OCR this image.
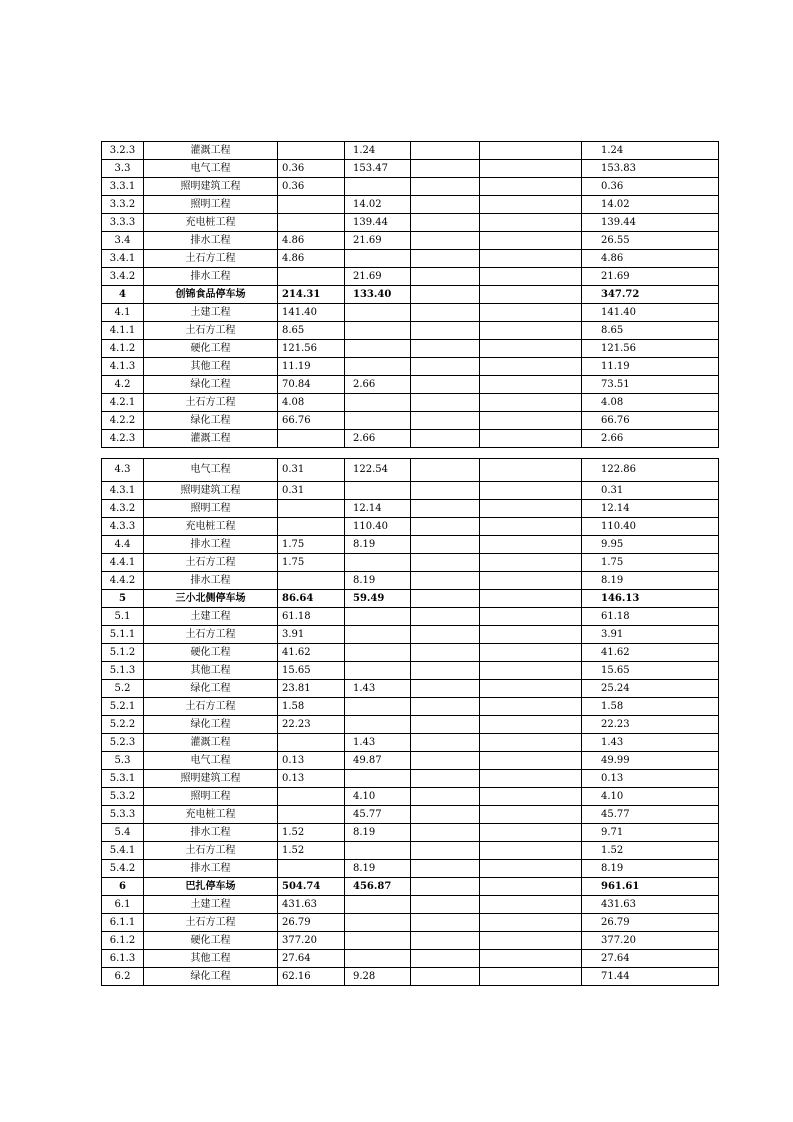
3.2.3	灌溉工程		1.24			1.24
3.3	电气工程	0.36	153.47			153.83
3.3.1	照明建筑工程	0.36				0.36
3.3.2	照明工程		14.02			14.02
3.3.3	充电桩工程		139.44			139.44
3.4	排水工程	4.86	21.69			26.55
3.4.1	土石方工程	4.86				4.86
3.4.2	排水工程		21.69			21.69
4	创锦食品停车场	214.31	133.40			347.72
4.1	土建工程	141.40				141.40
4.1.1	土石方工程	8.65				8.65
4.1.2	硬化工程	121.56				121.56
4.1.3	其他工程	11.19				11.19
4.2	绿化工程	70.84	2.66			73.51
4.2.1	土石方工程	4.08				4.08
4.2.2	绿化工程	66.76				66.76
4.2.3	灌溉工程		2.66			2.66
4.3	电气工程	0.31	122.54			122.86
4.3.1	照明建筑工程	0.31				0.31
4.3.2	照明工程		12.14			12.14
4.3.3	充电桩工程		110.40			110.40
4.4	排水工程	1.75	8.19			9.95
4.4.1	土石方工程	1.75				1.75
4.4.2	排水工程		8.19			8.19
5	三小北侧停车场	86.64	59.49			146.13
5.1	土建工程	61.18				61.18
5.1.1	土石方工程	3.91				3.91
5.1.2	硬化工程	41.62				41.62
5.1.3	其他工程	15.65				15.65
5.2	绿化工程	23.81	1.43			25.24
5.2.1	土石方工程	1.58				1.58
5.2.2	绿化工程	22.23				22.23
5.2.3	灌溉工程		1.43			1.43
5.3	电气工程	0.13	49.87			49.99
5.3.1	照明建筑工程	0.13				0.13
5.3.2	照明工程		4.10			4.10
5.3.3	充电桩工程		45.77			45.77
5.4	排水工程	1.52	8.19			9.71
5.4.1	土石方工程	1.52				1.52
5.4.2	排水工程		8.19			8.19
6	巴扎停车场	504.74	456.87			961.61
6.1	土建工程	431.63				431.63
6.1.1	土石方工程	26.79				26.79
6.1.2	硬化工程	377.20				377.20
6.1.3	其他工程	27.64				27.64
6.2	绿化工程	62.16	9.28			71.44
